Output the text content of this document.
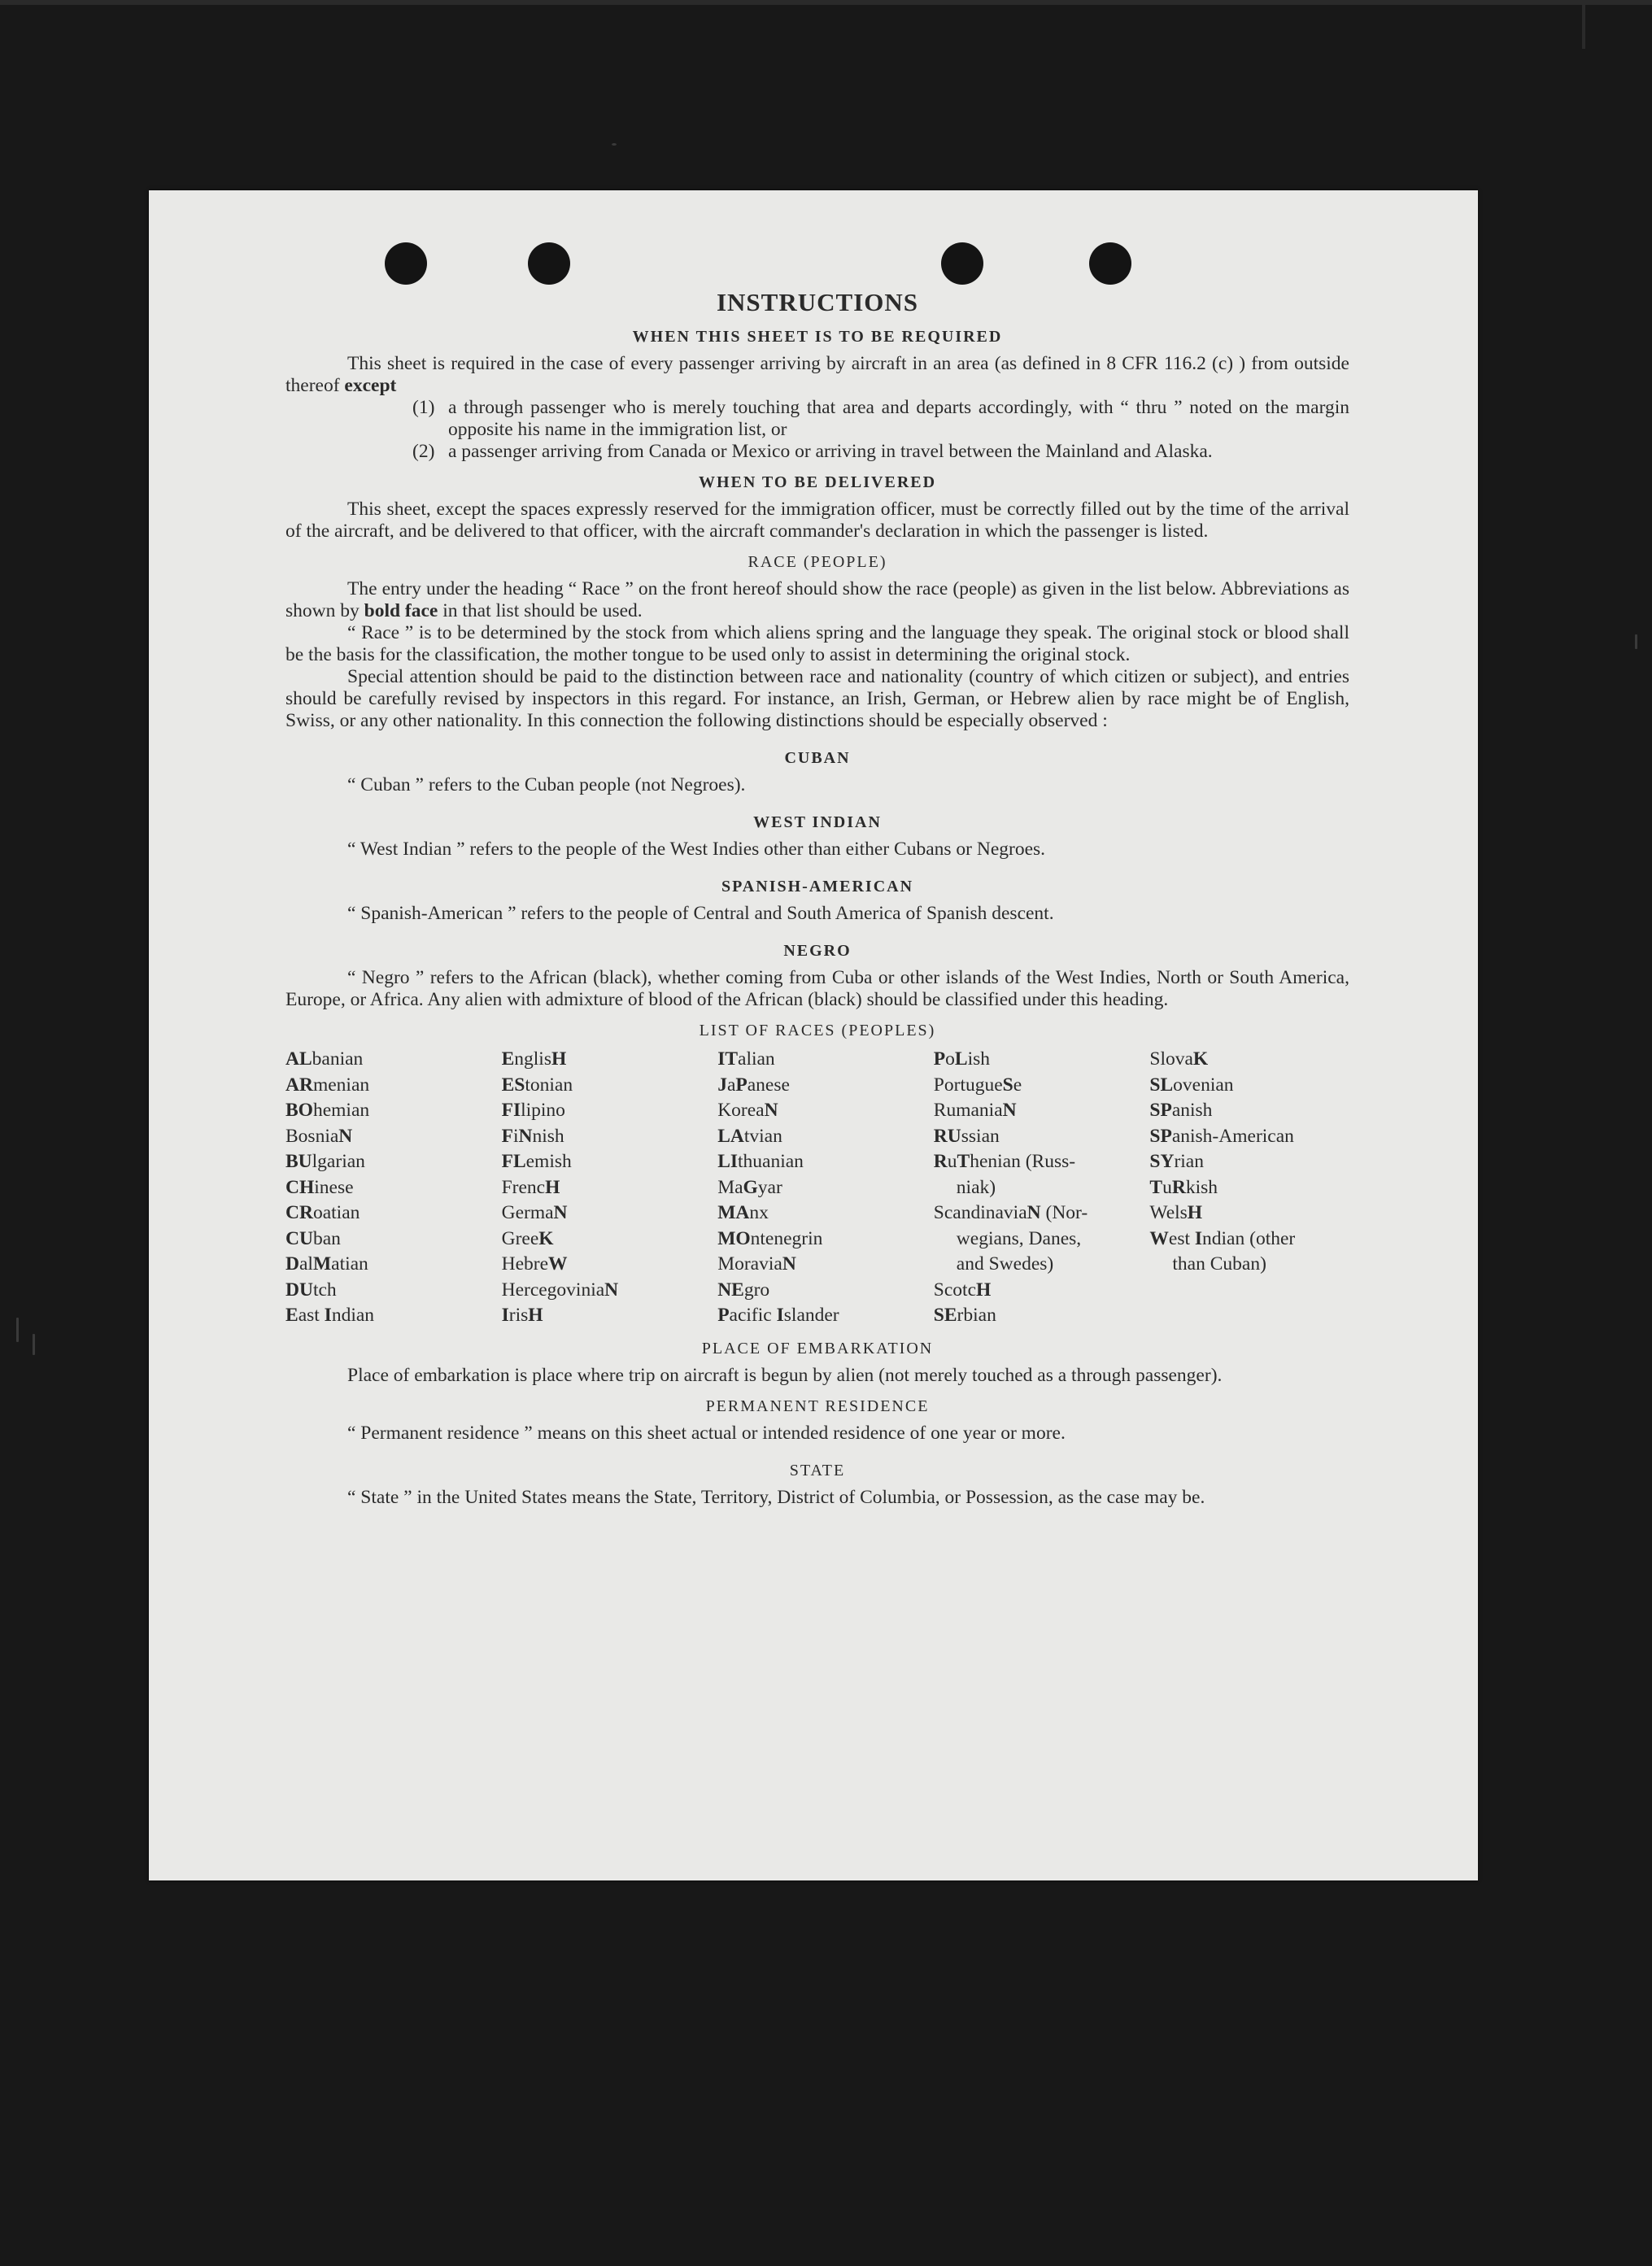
INSTRUCTIONS
WHEN THIS SHEET IS TO BE REQUIRED

This sheet is required in the case of every passenger arriving by aircraft in an area (as defined in 8 CFR 116.2 (c) ) from outside thereof except

(1) a through passenger who is merely touching that area and departs accordingly, with “ thru ” noted on the margin opposite his name in the immigration list, or
(2) a passenger arriving from Canada or Mexico or arriving in travel between the Mainland and Alaska.
WHEN TO BE DELIVERED

This sheet, except the spaces expressly reserved for the immigration officer, must be correctly filled out by the time of the arrival of the aircraft, and be delivered to that officer, with the aircraft commander's declaration in which the passenger is listed.

RACE (PEOPLE)

The entry under the heading “ Race ” on the front hereof should show the race (people) as given in the list below. Abbreviations as shown by bold face in that list should be used.

“ Race ” is to be determined by the stock from which aliens spring and the language they speak. The original stock or blood shall be the basis for the classification, the mother tongue to be used only to assist in determining the original stock.

Special attention should be paid to the distinction between race and nationality (country of which citizen or subject), and entries should be carefully revised by inspectors in this regard. For instance, an Irish, German, or Hebrew alien by race might be of English, Swiss, or any other nationality. In this connection the following distinctions should be especially observed :

CUBAN

“ Cuban ” refers to the Cuban people (not Negroes).

WEST INDIAN

“ West Indian ” refers to the people of the West Indies other than either Cubans or Negroes.

SPANISH-AMERICAN

“ Spanish-American ” refers to the people of Central and South America of Spanish descent.

NEGRO

“ Negro ” refers to the African (black), whether coming from Cuba or other islands of the West Indies, North or South America, Europe, or Africa. Any alien with admixture of blood of the African (black) should be classified under this heading.

LIST OF RACES (PEOPLES)
ALbanian
ARmenian
BOhemian
BosniaN
BUlgarian
CHinese
CRoatian
CUban
DalMatian
DUtch
East Indian
EnglisH
EStonian
FIlipino
FiNnish
FLemish
FrencH
GermaN
GreeK
HebreW
HercegoviniaN
IrisH
ITalian
JaPanese
KoreaN
LAtvian
LIthuanian
MaGyar
MAnx
MOntenegrin
MoraviaN
NEgro
Pacific Islander
PoLish
PortugueSe
RumaniaN
RUssian
RuThenian (Russ-
niak)
ScandinaviaN (Nor-
wegians, Danes,
and Swedes)
ScotcH
SErbian
SlovaK
SLovenian
SPanish
SPanish-American
SYrian
TuRkish
WelsH
West Indian (other
than Cuban)
PLACE OF EMBARKATION

Place of embarkation is place where trip on aircraft is begun by alien (not merely touched as a through passenger).

PERMANENT RESIDENCE

“ Permanent residence ” means on this sheet actual or intended residence of one year or more.

STATE

“ State ” in the United States means the State, Territory, District of Columbia, or Possession, as the case may be.
